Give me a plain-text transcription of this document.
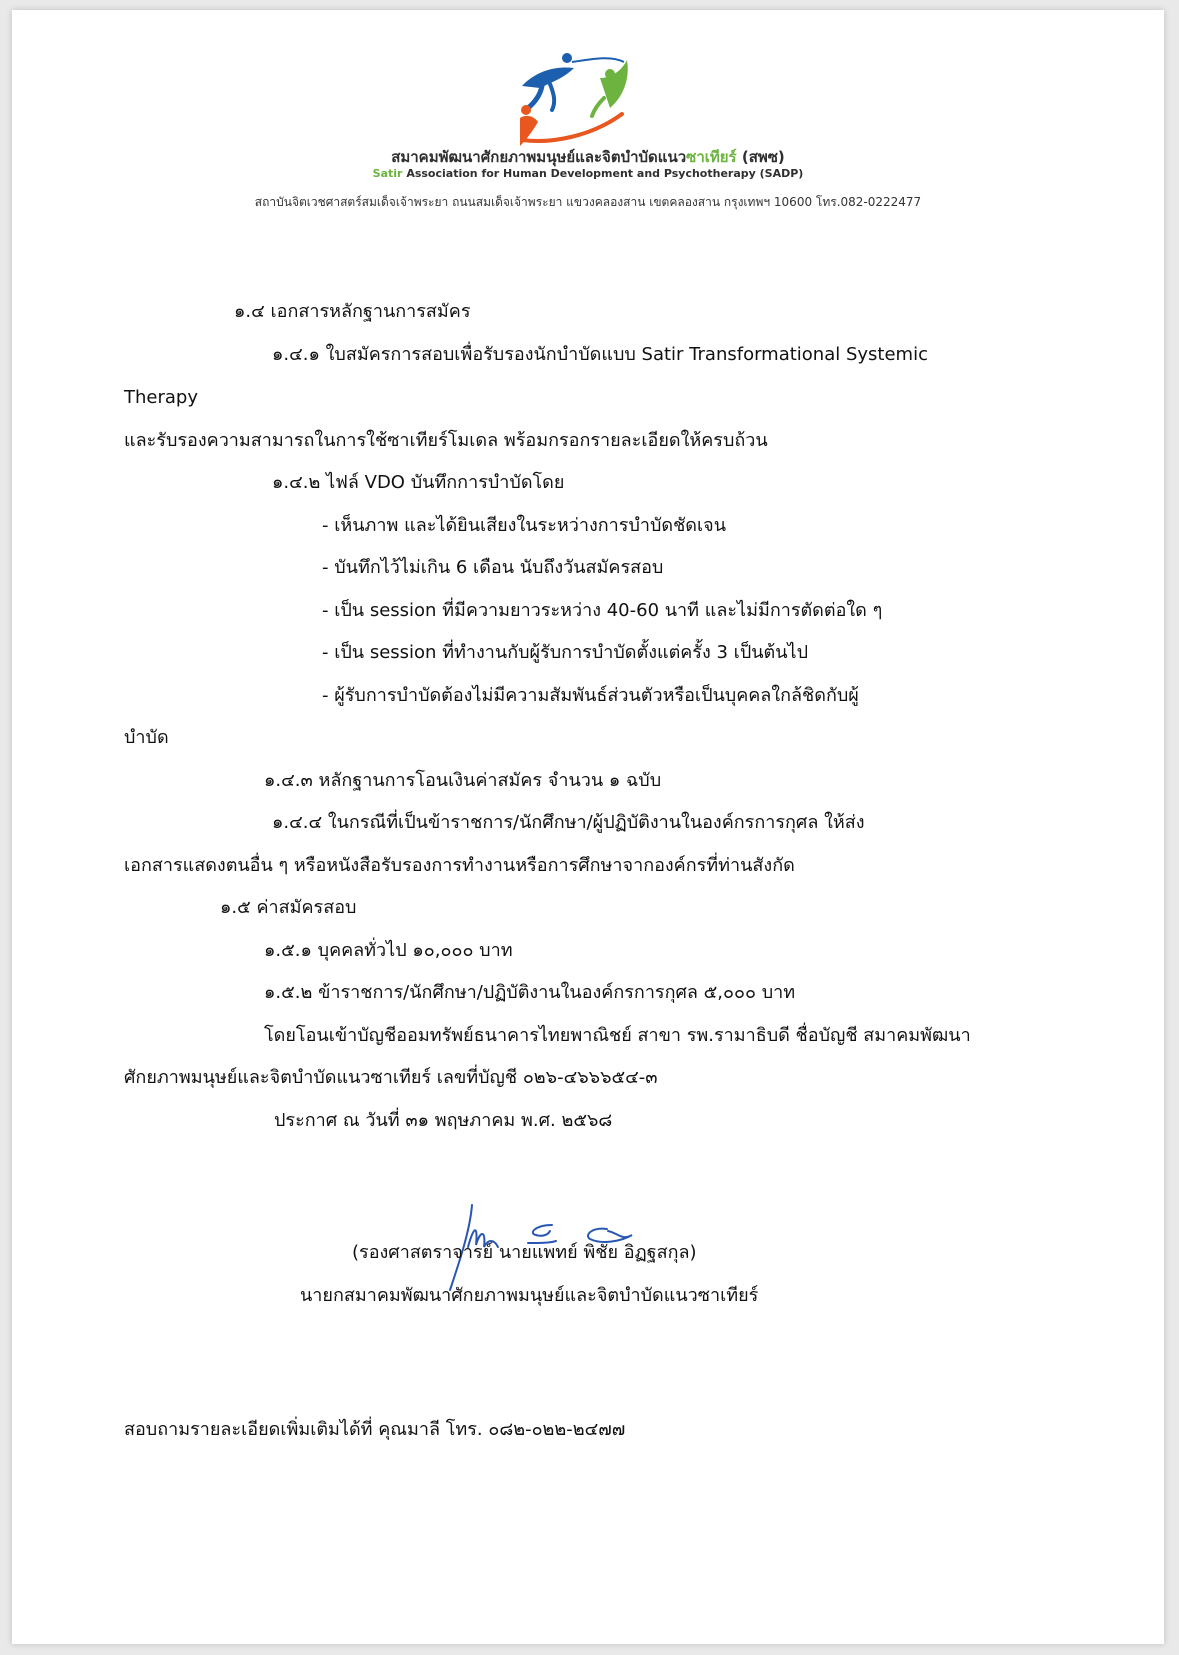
สมาคมพัฒนาศักยภาพมนุษย์และจิตบำบัดแนวซาเทียร์ (สพซ)
Satir Association for Human Development and Psychotherapy (SADP)
สถาบันจิตเวชศาสตร์สมเด็จเจ้าพระยา ถนนสมเด็จเจ้าพระยา แขวงคลองสาน เขตคลองสาน กรุงเทพฯ 10600 โทร.082-0222477
๑.๔ เอกสารหลักฐานการสมัคร
๑.๔.๑ ใบสมัครการสอบเพื่อรับรองนักบำบัดแบบ Satir Transformational Systemic
Therapy
และรับรองความสามารถในการใช้ซาเทียร์โมเดล พร้อมกรอกรายละเอียดให้ครบถ้วน
๑.๔.๒ ไฟล์ VDO บันทึกการบำบัดโดย
- เห็นภาพ และได้ยินเสียงในระหว่างการบำบัดชัดเจน
- บันทึกไว้ไม่เกิน 6 เดือน นับถึงวันสมัครสอบ
- เป็น session ที่มีความยาวระหว่าง 40-60 นาที และไม่มีการตัดต่อใด ๆ
- เป็น session ที่ทำงานกับผู้รับการบำบัดตั้งแต่ครั้ง 3 เป็นต้นไป
- ผู้รับการบำบัดต้องไม่มีความสัมพันธ์ส่วนตัวหรือเป็นบุคคลใกล้ชิดกับผู้
บำบัด
๑.๔.๓ หลักฐานการโอนเงินค่าสมัคร จำนวน ๑ ฉบับ
๑.๔.๔ ในกรณีที่เป็นข้าราชการ/นักศึกษา/ผู้ปฏิบัติงานในองค์กรการกุศล ให้ส่ง
เอกสารแสดงตนอื่น ๆ หรือหนังสือรับรองการทำงานหรือการศึกษาจากองค์กรที่ท่านสังกัด
๑.๕ ค่าสมัครสอบ
๑.๕.๑ บุคคลทั่วไป ๑๐,๐๐๐ บาท
๑.๕.๒ ข้าราชการ/นักศึกษา/ปฏิบัติงานในองค์กรการกุศล ๕,๐๐๐ บาท
โดยโอนเข้าบัญชีออมทรัพย์ธนาคารไทยพาณิชย์ สาขา รพ.รามาธิบดี ชื่อบัญชี สมาคมพัฒนา
ศักยภาพมนุษย์และจิตบำบัดแนวซาเทียร์ เลขที่บัญชี ๐๒๖-๔๖๖๖๕๔-๓
ประกาศ ณ วันที่ ๓๑ พฤษภาคม พ.ศ. ๒๕๖๘
(รองศาสตราจารย์ นายแพทย์ พิชัย อิฏฐสกุล)
นายกสมาคมพัฒนาศักยภาพมนุษย์และจิตบำบัดแนวซาเทียร์
สอบถามรายละเอียดเพิ่มเติมได้ที่ คุณมาลี โทร. ๐๘๒-๐๒๒-๒๔๗๗
